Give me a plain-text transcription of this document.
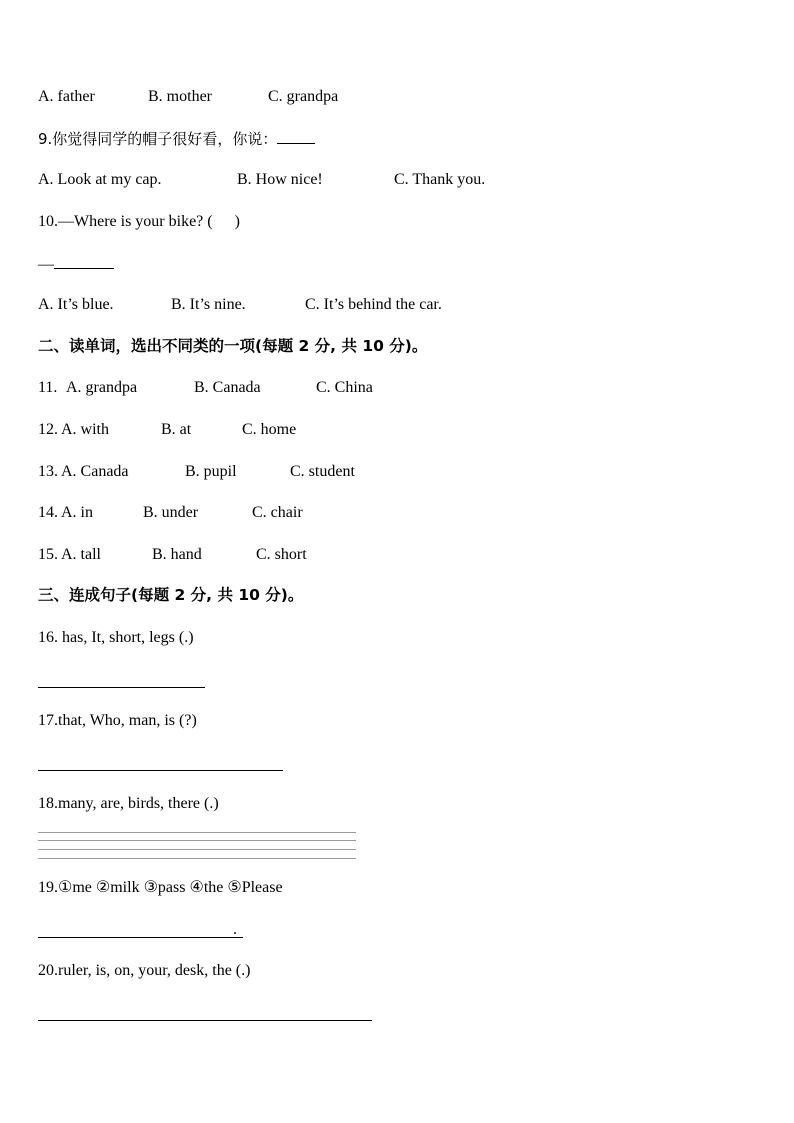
A. father	B. mother	C. grandpa
9.你觉得同学的帽子很好看，你说：
A. Look at my cap.	B. How nice!	C. Thank you.
10.—Where is your bike? ( )
—
A. It’s blue.	B. It’s nine.	C. It’s behind the car.
二、读单词，选出不同类的一项(每题 2 分, 共 10 分)。
11. A. grandpa	B. Canada	C. China
12. A. with	B. at	C. home
13. A. Canada	B. pupil	C. student
14. A. in	B. under	C. chair
15. A. tall	B. hand	C. short
三、连成句子(每题 2 分, 共 10 分)。
16. has, It, short, legs (.)
17.that, Who, man, is (?)
18.many, are, birds, there (.)
19.①me ②milk ③pass ④the ⑤Please
.
20.ruler, is, on, your, desk, the (.)
